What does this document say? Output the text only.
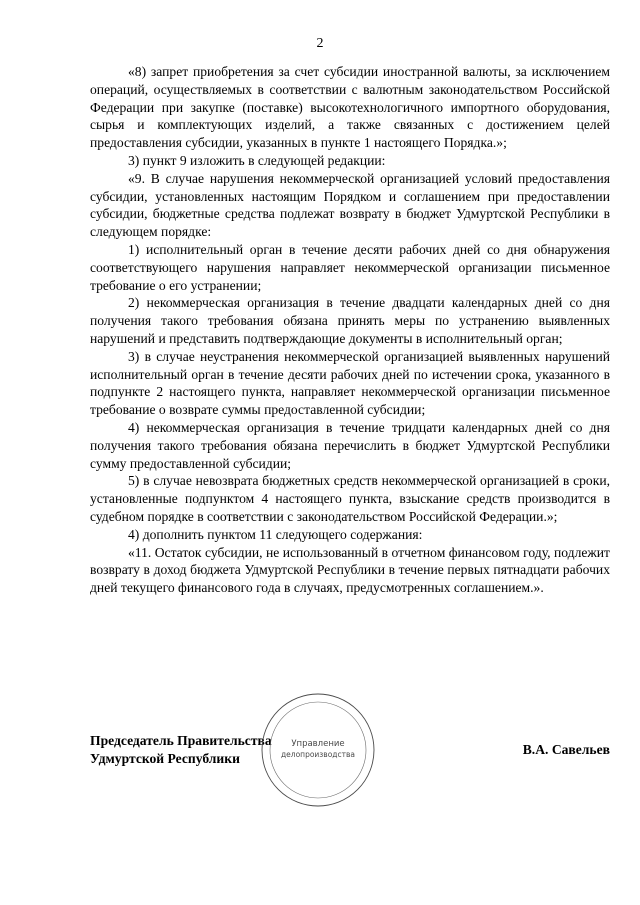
2

«8) запрет приобретения за счет субсидии иностранной валюты, за исключением операций, осуществляемых в соответствии с валютным законодательством Российской Федерации при закупке (поставке) высокотехнологичного импортного оборудования, сырья и комплектующих изделий, а также связанных с достижением целей предоставления субсидии, указанных в пункте 1 настоящего Порядка.»;

3) пункт 9 изложить в следующей редакции:

«9. В случае нарушения некоммерческой организацией условий предоставления субсидии, установленных настоящим Порядком и соглашением при предоставлении субсидии, бюджетные средства подлежат возврату в бюджет Удмуртской Республики в следующем порядке:

1) исполнительный орган в течение десяти рабочих дней со дня обнаружения соответствующего нарушения направляет некоммерческой организации письменное требование о его устранении;

2) некоммерческая организация в течение двадцати календарных дней со дня получения такого требования обязана принять меры по устранению выявленных нарушений и представить подтверждающие документы в исполнительный орган;

3) в случае неустранения некоммерческой организацией выявленных нарушений исполнительный орган в течение десяти рабочих дней по истечении срока, указанного в подпункте 2 настоящего пункта, направляет некоммерческой организации письменное требование о возврате суммы предоставленной субсидии;

4) некоммерческая организация в течение тридцати календарных дней со дня получения такого требования обязана перечислить в бюджет Удмуртской Республики сумму предоставленной субсидии;

5) в случае невозврата бюджетных средств некоммерческой организацией в сроки, установленные подпунктом 4 настоящего пункта, взыскание средств производится в судебном порядке в соответствии с законодательством Российской Федерации.»;

4) дополнить пунктом 11 следующего содержания:

«11. Остаток субсидии, не использованный в отчетном финансовом году, подлежит возврату в доход бюджета Удмуртской Республики в течение первых пятнадцати рабочих дней текущего финансового года в случаях, предусмотренных соглашением.».

Председатель Правительства
Удмуртской Республики
В.А. Савельев
Управление
делопроизводства
